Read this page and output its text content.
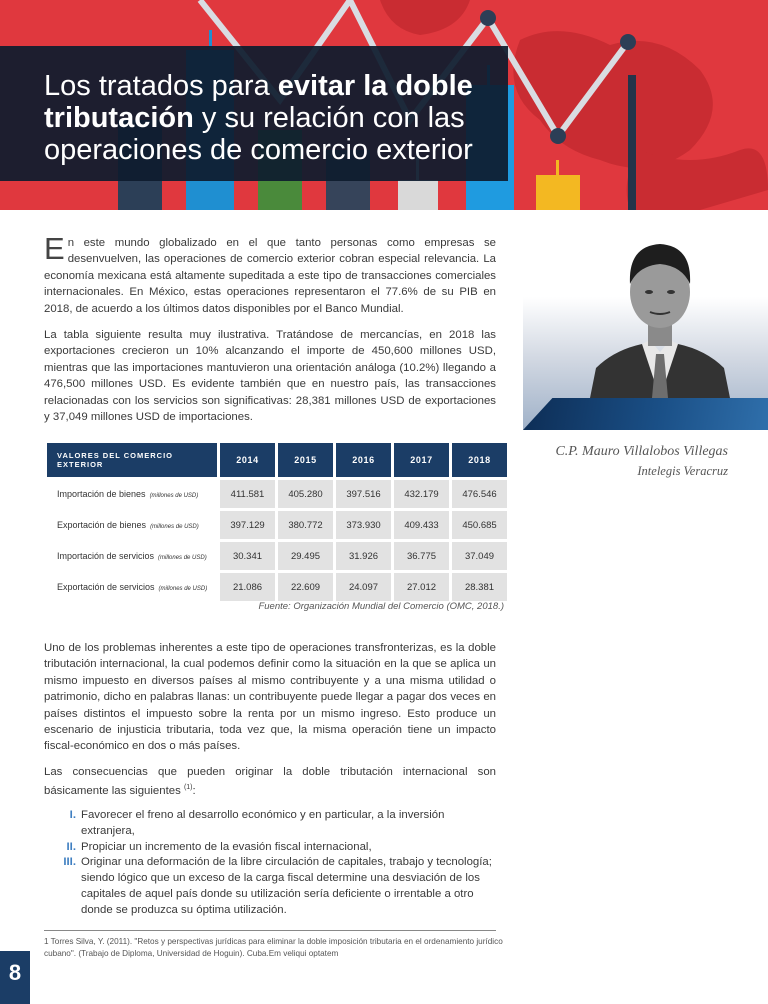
Los tratados para evitar la doble tributación y su relación con las operaciones de comercio exterior

En este mundo globalizado en el que tanto personas como empresas se desenvuelven, las operaciones de comercio exterior cobran especial relevancia. La economía mexicana está altamente supeditada a este tipo de transacciones comerciales internacionales. En México, estas operaciones representaron el 77.6% de su PIB en 2018, de acuerdo a los últimos datos disponibles por el Banco Mundial.

La tabla siguiente resulta muy ilustrativa. Tratándose de mercancías, en 2018 las exportaciones crecieron un 10% alcanzando el importe de 450,600 millones USD, mientras que las importaciones mantuvieron una orientación análoga (10.2%) llegando a 476,500 millones USD. Es evidente también que en nuestro país, las transacciones relacionadas con los servicios son significativas: 28,381 millones USD de exportaciones y 37,049 millones USD de importaciones.

C.P. Mauro Villalobos Villegas

Intelegis Veracruz

VALORES DEL COMERCIO EXTERIOR	2014	2015	2016	2017	2018
Importación de bienes (millones de USD)	411.581	405.280	397.516	432.179	476.546
Exportación de bienes (millones de USD)	397.129	380.772	373.930	409.433	450.685
Importación de servicios (millones de USD)	30.341	29.495	31.926	36.775	37.049
Exportación de servicios (millones de USD)	21.086	22.609	24.097	27.012	28.381

Fuente: Organización Mundial del Comercio (OMC, 2018.)

Uno de los problemas inherentes a este tipo de operaciones transfronterizas, es la doble tributación internacional, la cual podemos definir como la situación en la que se aplica un mismo impuesto en diversos países al mismo contribuyente y a una misma utilidad o patrimonio, dicho en palabras llanas: un contribuyente puede llegar a pagar dos veces en países distintos el impuesto sobre la renta por un mismo ingreso. Esto produce un escenario de injusticia tributaria, toda vez que, la misma operación tiene un impacto fiscal-económico en dos o más países.

Las consecuencias que pueden originar la doble tributación internacional son básicamente las siguientes $^{(1)}$:

I. Favorecer el freno al desarrollo económico y en particular, a la inversión extranjera,
II. Propiciar un incremento de la evasión fiscal internacional,
III. Originar una deformación de la libre circulación de capitales, trabajo y tecnología; siendo lógico que un exceso de la carga fiscal determine una desviación de los capitales de aquel país donde su utilización sería deficiente o irrentable a otro donde se produzca su óptima utilización.

1 Torres Silva, Y. (2011). "Retos y perspectivas jurídicas para eliminar la doble imposición tributaria en el ordenamiento jurídico cubano". (Trabajo de Diploma, Universidad de Hoguin). Cuba.Em veliqui optatem

8
